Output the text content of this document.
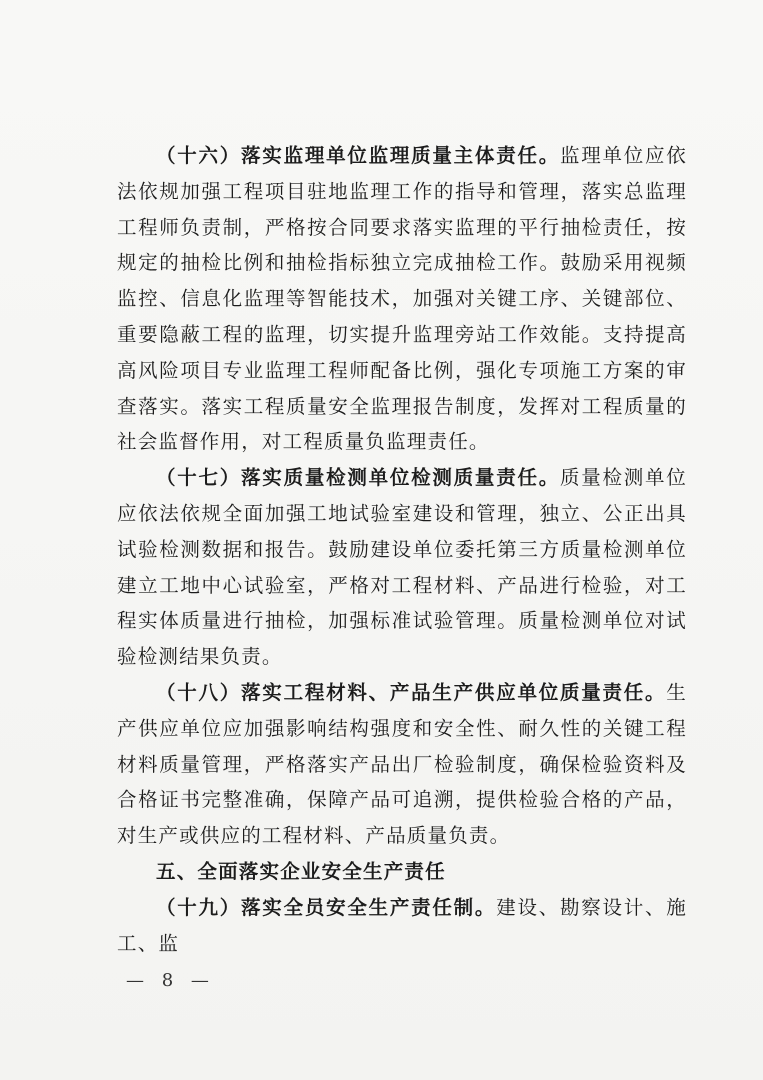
（十六）落实监理单位监理质量主体责任。监理单位应依法依规加强工程项目驻地监理工作的指导和管理，落实总监理工程师负责制，严格按合同要求落实监理的平行抽检责任，按规定的抽检比例和抽检指标独立完成抽检工作。鼓励采用视频监控、信息化监理等智能技术，加强对关键工序、关键部位、重要隐蔽工程的监理，切实提升监理旁站工作效能。支持提高高风险项目专业监理工程师配备比例，强化专项施工方案的审查落实。落实工程质量安全监理报告制度，发挥对工程质量的社会监督作用，对工程质量负监理责任。

（十七）落实质量检测单位检测质量责任。质量检测单位应依法依规全面加强工地试验室建设和管理，独立、公正出具试验检测数据和报告。鼓励建设单位委托第三方质量检测单位建立工地中心试验室，严格对工程材料、产品进行检验，对工程实体质量进行抽检，加强标准试验管理。质量检测单位对试验检测结果负责。

（十八）落实工程材料、产品生产供应单位质量责任。生产供应单位应加强影响结构强度和安全性、耐久性的关键工程材料质量管理，严格落实产品出厂检验制度，确保检验资料及合格证书完整准确，保障产品可追溯，提供检验合格的产品，对生产或供应的工程材料、产品质量负责。

五、全面落实企业安全生产责任

（十九）落实全员安全生产责任制。建设、勘察设计、施工、监

— 8 —
